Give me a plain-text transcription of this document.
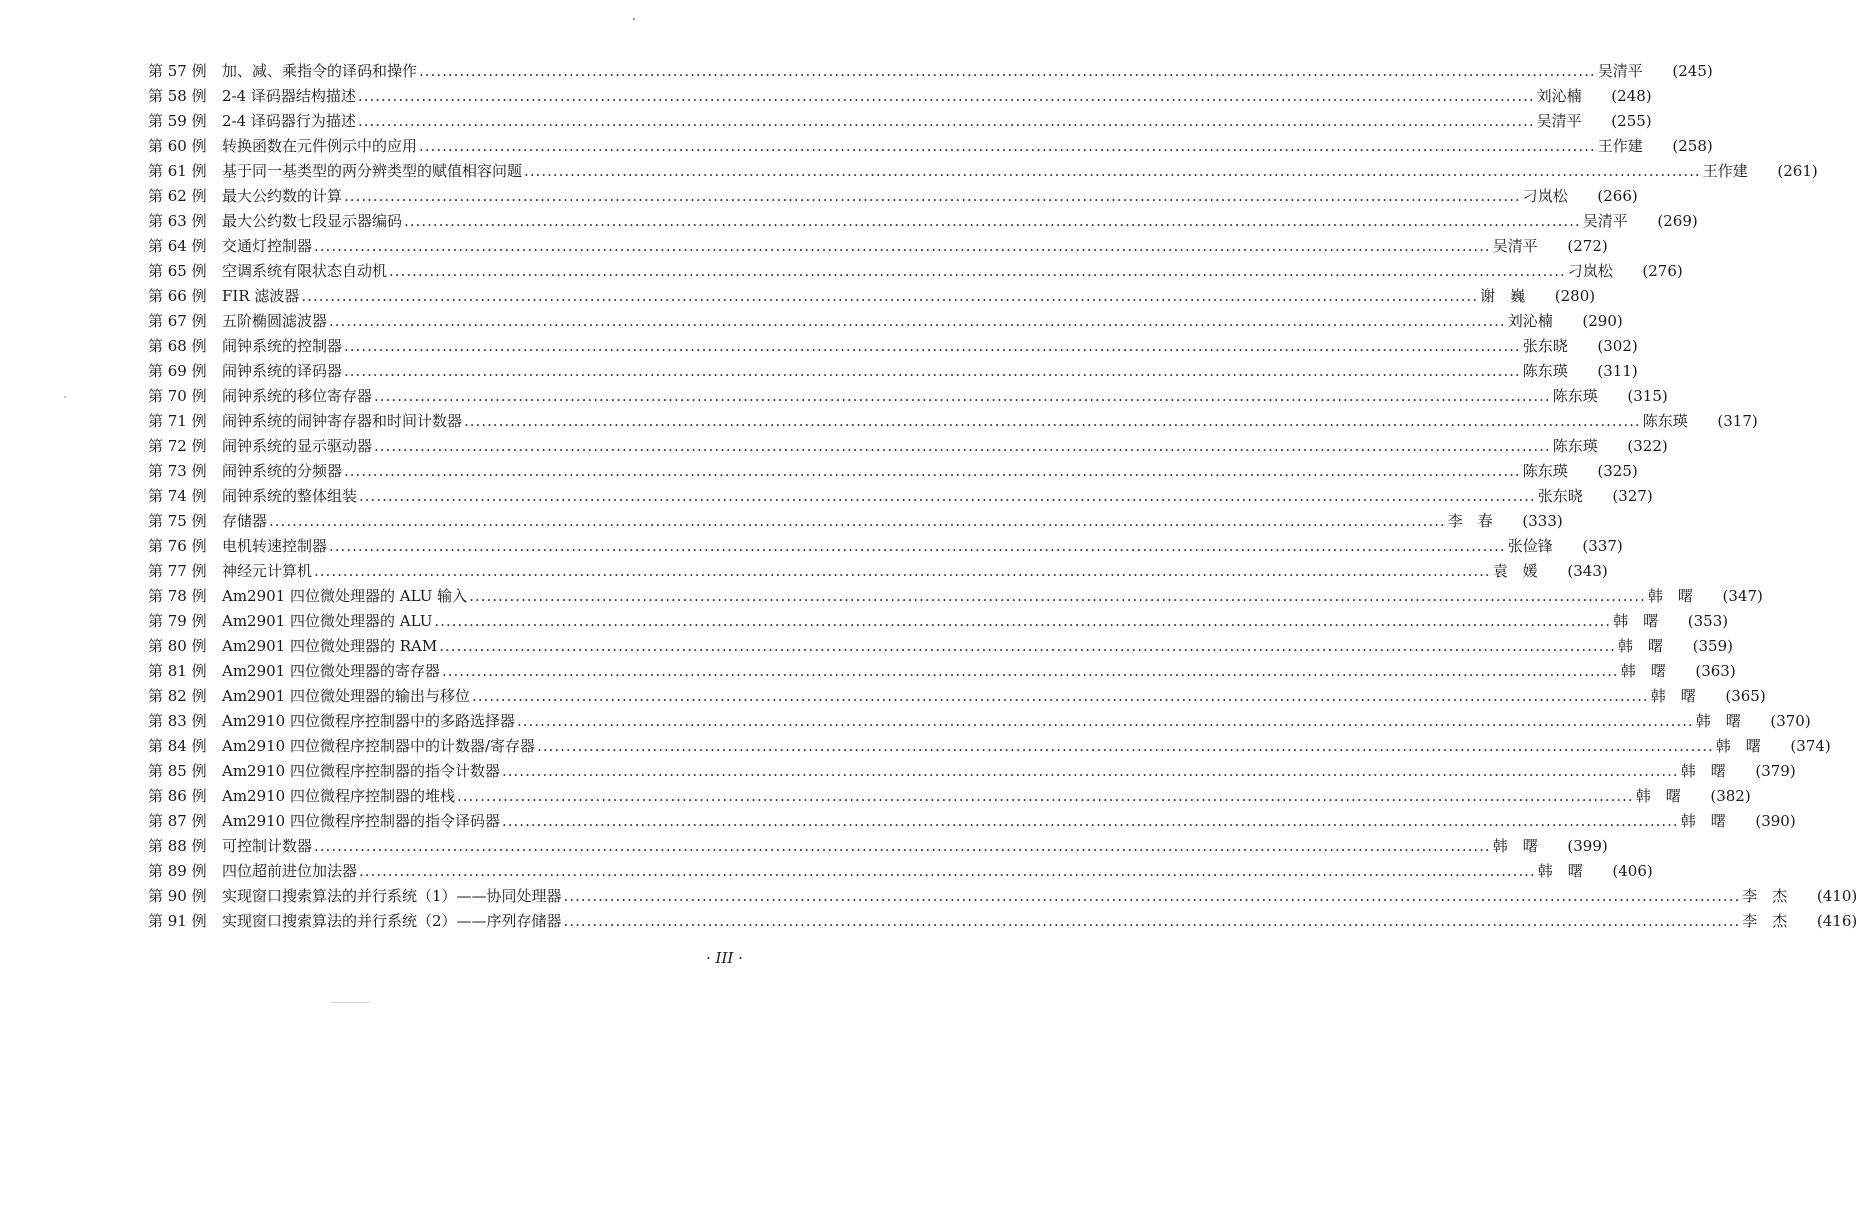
第 57 例	加、减、乘指令的译码和操作 .....	吴清平	(245)
第 58 例	2-4 译码器结构描述 .....	刘沁楠	(248)
第 59 例	2-4 译码器行为描述 .....	吴清平	(255)
第 60 例	转换函数在元件例示中的应用 .....	王作建	(258)
第 61 例	基于同一基类型的两分辨类型的赋值相容问题 .....	王作建	(261)
第 62 例	最大公约数的计算 .....	刁岚松	(266)
第 63 例	最大公约数七段显示器编码 .....	吴清平	(269)
第 64 例	交通灯控制器 .....	吴清平	(272)
第 65 例	空调系统有限状态自动机 .....	刁岚松	(276)
第 66 例	FIR 滤波器 .....	谢　巍	(280)
第 67 例	五阶椭圆滤波器 .....	刘沁楠	(290)
第 68 例	闹钟系统的控制器 .....	张东晓	(302)
第 69 例	闹钟系统的译码器 .....	陈东瑛	(311)
第 70 例	闹钟系统的移位寄存器 .....	陈东瑛	(315)
第 71 例	闹钟系统的闹钟寄存器和时间计数器 .....	陈东瑛	(317)
第 72 例	闹钟系统的显示驱动器 .....	陈东瑛	(322)
第 73 例	闹钟系统的分频器 .....	陈东瑛	(325)
第 74 例	闹钟系统的整体组装 .....	张东晓	(327)
第 75 例	存储器 .....	李　春	(333)
第 76 例	电机转速控制器 .....	张俭锋	(337)
第 77 例	神经元计算机 .....	袁　媛	(343)
第 78 例	Am2901 四位微处理器的 ALU 输入 .....	韩　曙	(347)
第 79 例	Am2901 四位微处理器的 ALU .....	韩　曙	(353)
第 80 例	Am2901 四位微处理器的 RAM .....	韩　曙	(359)
第 81 例	Am2901 四位微处理器的寄存器 .....	韩　曙	(363)
第 82 例	Am2901 四位微处理器的输出与移位 .....	韩　曙	(365)
第 83 例	Am2910 四位微程序控制器中的多路选择器 .....	韩　曙	(370)
第 84 例	Am2910 四位微程序控制器中的计数器/寄存器 .....	韩　曙	(374)
第 85 例	Am2910 四位微程序控制器的指令计数器 .....	韩　曙	(379)
第 86 例	Am2910 四位微程序控制器的堆栈 .....	韩　曙	(382)
第 87 例	Am2910 四位微程序控制器的指令译码器 .....	韩　曙	(390)
第 88 例	可控制计数器 .....	韩　曙	(399)
第 89 例	四位超前进位加法器 .....	韩　曙	(406)
第 90 例	实现窗口搜索算法的并行系统（1）——协同处理器 .....	李　杰	(410)
第 91 例	实现窗口搜索算法的并行系统（2）——序列存储器 .....	李　杰	(416)
· III ·
